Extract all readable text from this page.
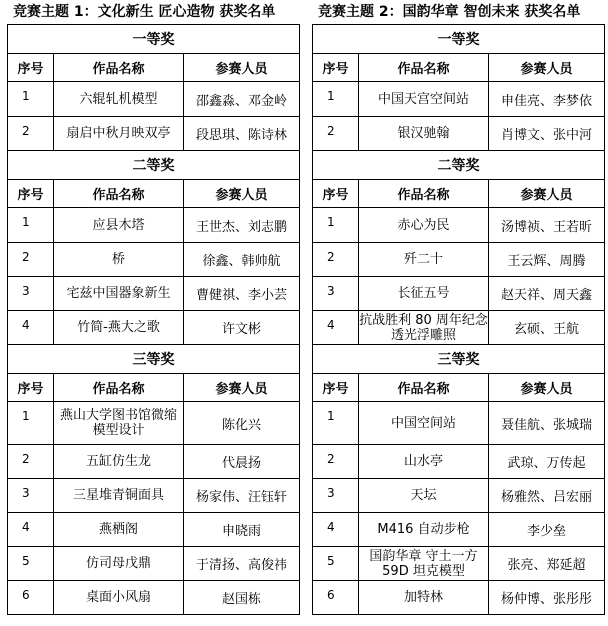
竞赛主题 1：文化新生 匠心造物 获奖名单
一等奖		
序号	作品名称	参赛人员
1	六辊轧机模型	邵鑫淼、邓金岭
2	扇启中秋月映双亭	段思琪、陈诗林
二等奖		
序号	作品名称	参赛人员
1	应县木塔	王世杰、刘志鹏
2	桥	徐鑫、韩帅航
3	宅兹中国器象新生	曹健祺、李小芸
4	竹简-燕大之歌	许文彬
三等奖		
序号	作品名称	参赛人员
1	燕山大学图书馆微缩模型设计	陈化兴
2	五缸仿生龙	代晨扬
3	三星堆青铜面具	杨家伟、汪钰轩
4	燕栖阁	申晓雨
5	仿司母戊鼎	于清扬、高俊祎
6	桌面小风扇	赵国栋
竞赛主题 2：国韵华章 智创未来 获奖名单
一等奖		
序号	作品名称	参赛人员
1	中国天宫空间站	申佳亮、李梦依
2	银汉驰翰	肖博文、张中河
二等奖		
序号	作品名称	参赛人员
1	赤心为民	汤博祯、王若昕
2	歼二十	王云辉、周腾
3	长征五号	赵天祥、周天鑫
4	抗战胜利 80 周年纪念透光浮雕照	玄硕、王航
三等奖		
序号	作品名称	参赛人员
1	中国空间站	聂佳航、张城瑞
2	山水亭	武琼、万传起
3	天坛	杨雅然、吕宏丽
4	M416 自动步枪	李少垒
5	国韵华章 守土一方 59D 坦克模型	张亮、郑延超
6	加特林	杨仲博、张彤彤
